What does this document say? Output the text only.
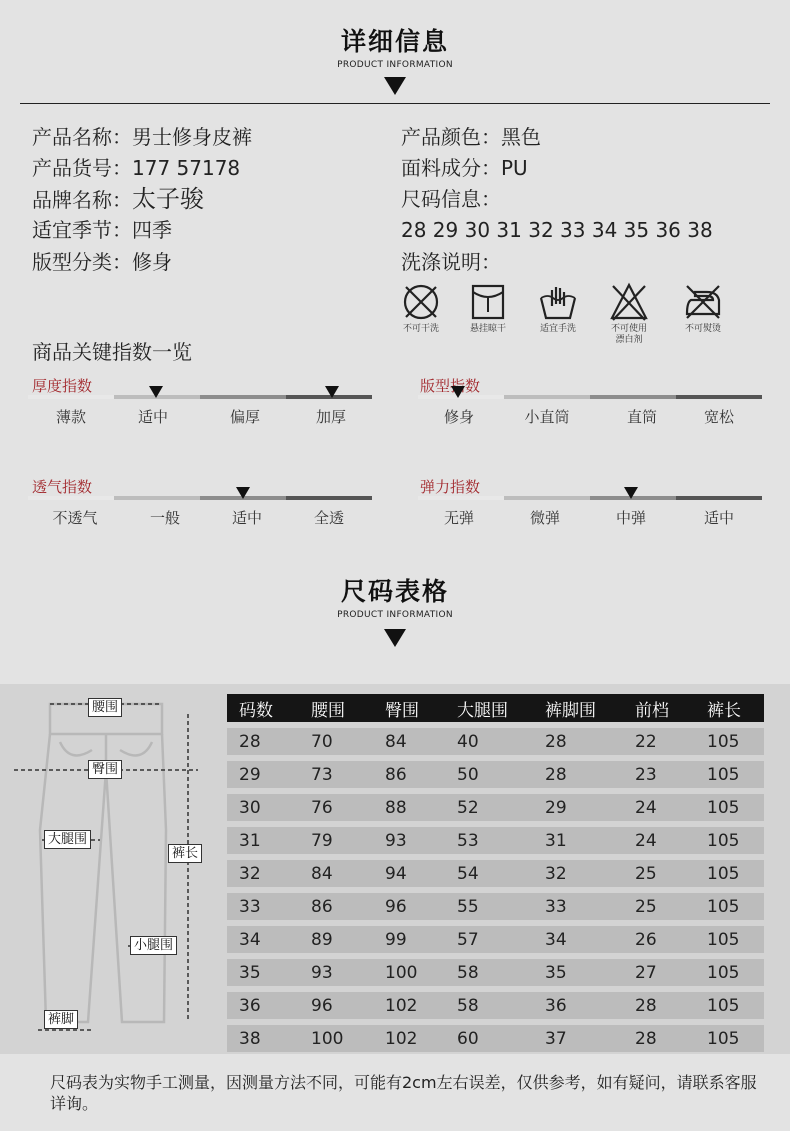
详细信息
PRODUCT INFORMATION
产品名称：男士修身皮裤
产品货号：177 57178
品牌名称：太子骏
适宜季节：四季
版型分类：修身
产品颜色：黑色
面料成分：PU
尺码信息：
28 29 30 31 32 33 34 35 36 38
洗涤说明：
不可干洗	悬挂晾干	适宜手洗	不可使用
漂白剂
不可熨烫
商品关键指数一览
厚度指数
薄款	适中	偏厚	加厚
版型指数
修身	小直筒	直筒	宽松
透气指数
不透气	一般	适中	全透
弹力指数
无弹	微弹	中弹	适中
尺码表格
PRODUCT INFORMATION
腰围
臀围
大腿围
裤长
小腿围
裤脚
码数	腰围	臀围	大腿围	裤脚围	前档	裤长
28	70	84	40	28	22	105
29	73	86	50	28	23	105
30	76	88	52	29	24	105
31	79	93	53	31	24	105
32	84	94	54	32	25	105
33	86	96	55	33	25	105
34	89	99	57	34	26	105
35	93	100	58	35	27	105
36	96	102	58	36	28	105
38	100	102	60	37	28	105
尺码表为实物手工测量，因测量方法不同，可能有2cm左右误差，仅供参考，如有疑问，请联系客服详询。
